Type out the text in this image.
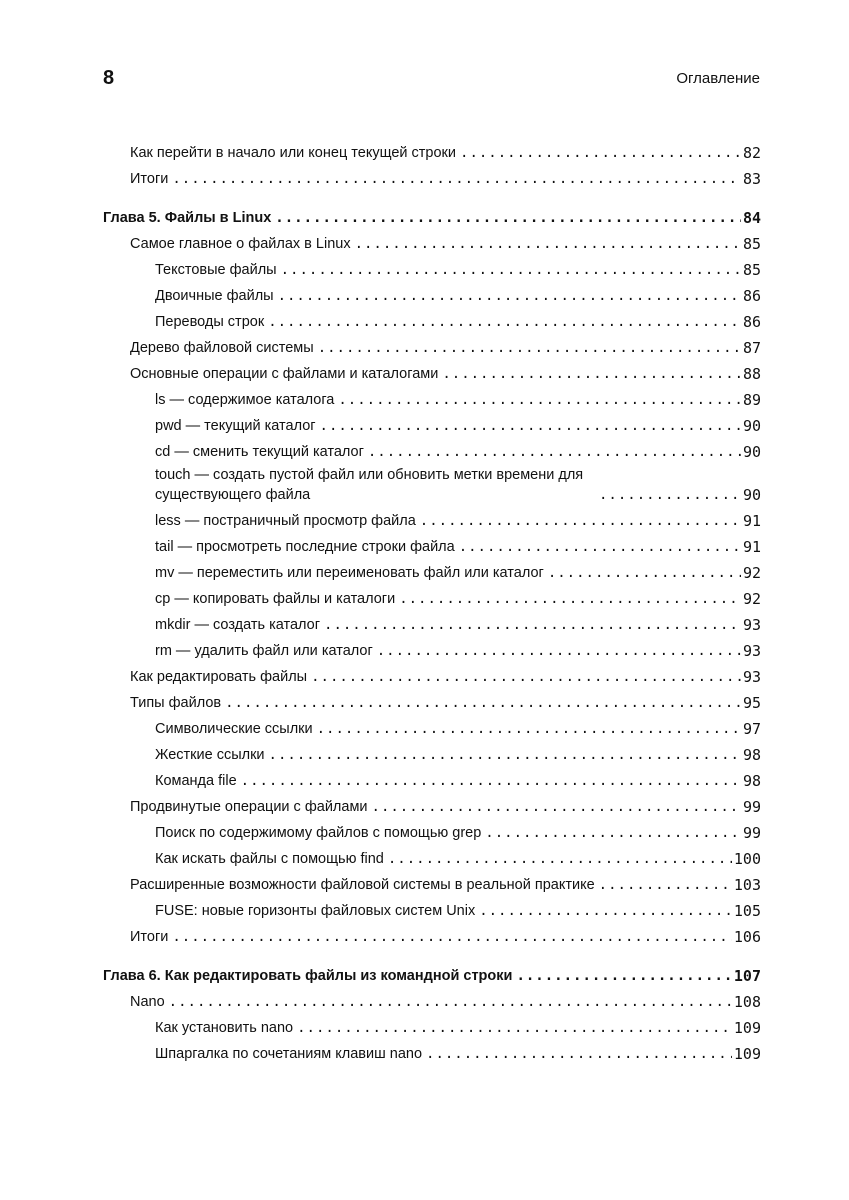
8	Оглавление
Как перейти в начало или конец текущей строки .....	82
Итоги .....	83
Глава 5. Файлы в Linux .....	84
Самое главное о файлах в Linux .....	85
Текстовые файлы .....	85
Двоичные файлы .....	86
Переводы строк .....	86
Дерево файловой системы .....	87
Основные операции с файлами и каталогами .....	88
ls — содержимое каталога .....	89
pwd — текущий каталог .....	90
cd — сменить текущий каталог .....	90
touch — создать пустой файл или обновить метки времени для существующего файла .....	90
less — постраничный просмотр файла .....	91
tail — просмотреть последние строки файла .....	91
mv — переместить или переименовать файл или каталог .....	92
cp — копировать файлы и каталоги .....	92
mkdir — создать каталог .....	93
rm — удалить файл или каталог .....	93
Как редактировать файлы .....	93
Типы файлов .....	95
Символические ссылки .....	97
Жесткие ссылки .....	98
Команда file .....	98
Продвинутые операции с файлами .....	99
Поиск по содержимому файлов с помощью grep .....	99
Как искать файлы с помощью find .....	100
Расширенные возможности файловой системы в реальной практике .....	103
FUSE: новые горизонты файловых систем Unix .....	105
Итоги .....	106
Глава 6. Как редактировать файлы из командной строки .....	107
Nano .....	108
Как установить nano .....	109
Шпаргалка по сочетаниям клавиш nano .....	109
